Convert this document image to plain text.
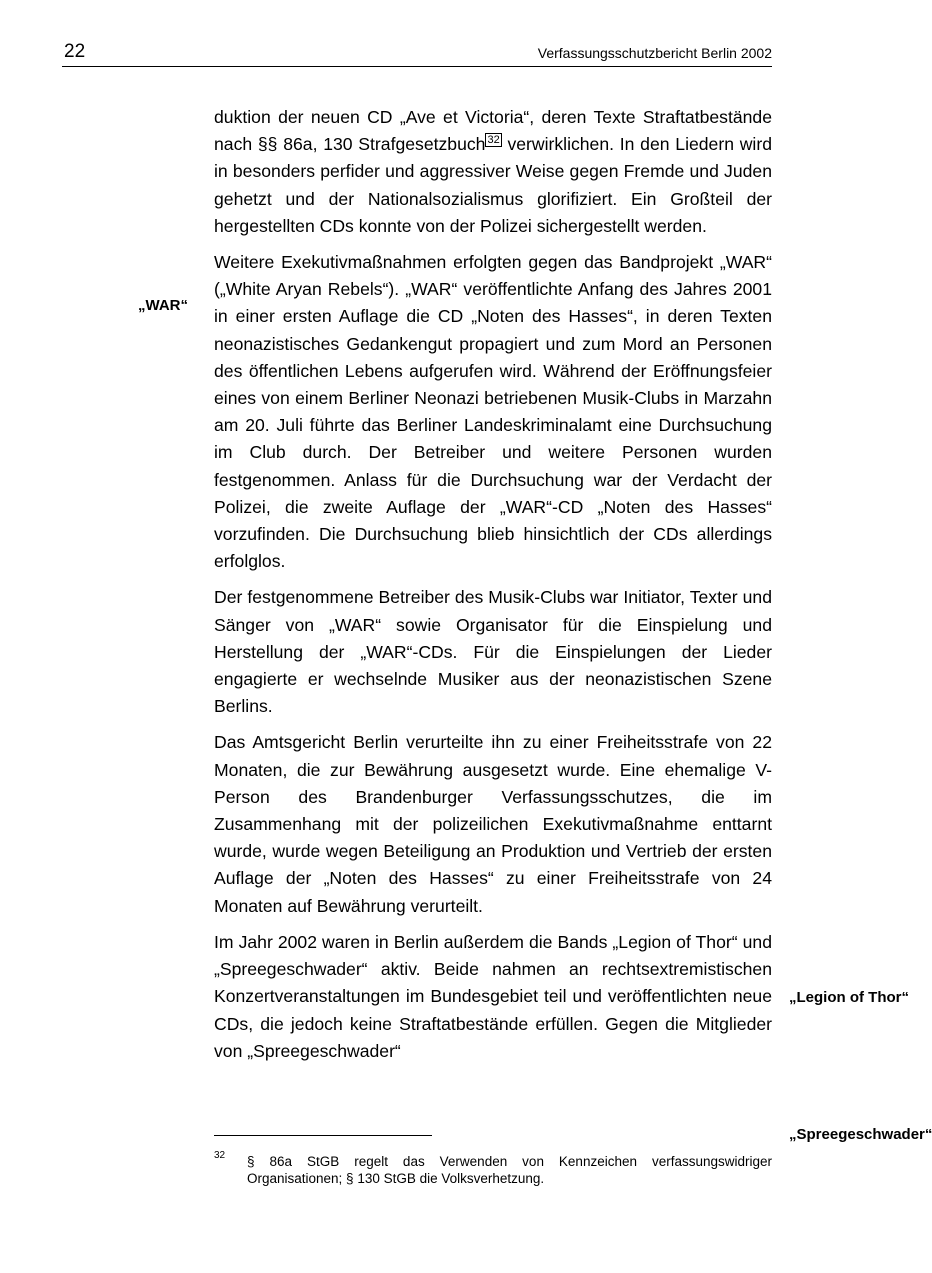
22	Verfassungsschutzbericht Berlin 2002
„WAR“
„Legion of Thor“
„Spreegeschwader“

duktion der neuen CD „Ave et Victoria“, deren Texte Straftatbestände nach §§ 86a, 130 Strafgesetzbuch 32 verwirklichen. In den Liedern wird in besonders perfider und aggressiver Weise gegen Fremde und Juden gehetzt und der Nationalsozialismus glorifiziert. Ein Großteil der hergestellten CDs konnte von der Polizei sichergestellt werden.

Weitere Exekutivmaßnahmen erfolgten gegen das Bandprojekt „WAR“ („White Aryan Rebels“). „WAR“ veröffentlichte Anfang des Jahres 2001 in einer ersten Auflage die CD „Noten des Hasses“, in deren Texten neonazistisches Gedankengut propagiert und zum Mord an Personen des öffentlichen Lebens aufgerufen wird. Während der Eröffnungsfeier eines von einem Berliner Neonazi betriebenen Musik-Clubs in Marzahn am 20. Juli führte das Berliner Landeskriminalamt eine Durchsuchung im Club durch. Der Betreiber und weitere Personen wurden festgenommen. Anlass für die Durchsuchung war der Verdacht der Polizei, die zweite Auflage der „WAR“-CD „Noten des Hasses“ vorzufinden. Die Durchsuchung blieb hinsichtlich der CDs allerdings erfolglos.

Der festgenommene Betreiber des Musik-Clubs war Initiator, Texter und Sänger von „WAR“ sowie Organisator für die Einspielung und Herstellung der „WAR“-CDs. Für die Einspielungen der Lieder engagierte er wechselnde Musiker aus der neonazistischen Szene Berlins.

Das Amtsgericht Berlin verurteilte ihn zu einer Freiheitsstrafe von 22 Monaten, die zur Bewährung ausgesetzt wurde. Eine ehemalige V-Person des Brandenburger Verfassungsschutzes, die im Zusammenhang mit der polizeilichen Exekutivmaßnahme enttarnt wurde, wurde wegen Beteiligung an Produktion und Vertrieb der ersten Auflage der „Noten des Hasses“ zu einer Freiheitsstrafe von 24 Monaten auf Bewährung verurteilt.

Im Jahr 2002 waren in Berlin außerdem die Bands „Legion of Thor“ und „Spreegeschwader“ aktiv. Beide nahmen an rechtsextremistischen Konzertveranstaltungen im Bundesgebiet teil und veröffentlichten neue CDs, die jedoch keine Straftatbestände erfüllen. Gegen die Mitglieder von „Spreegeschwader“

32 § 86a StGB regelt das Verwenden von Kennzeichen verfassungswidriger Organisationen; § 130 StGB die Volksverhetzung.
